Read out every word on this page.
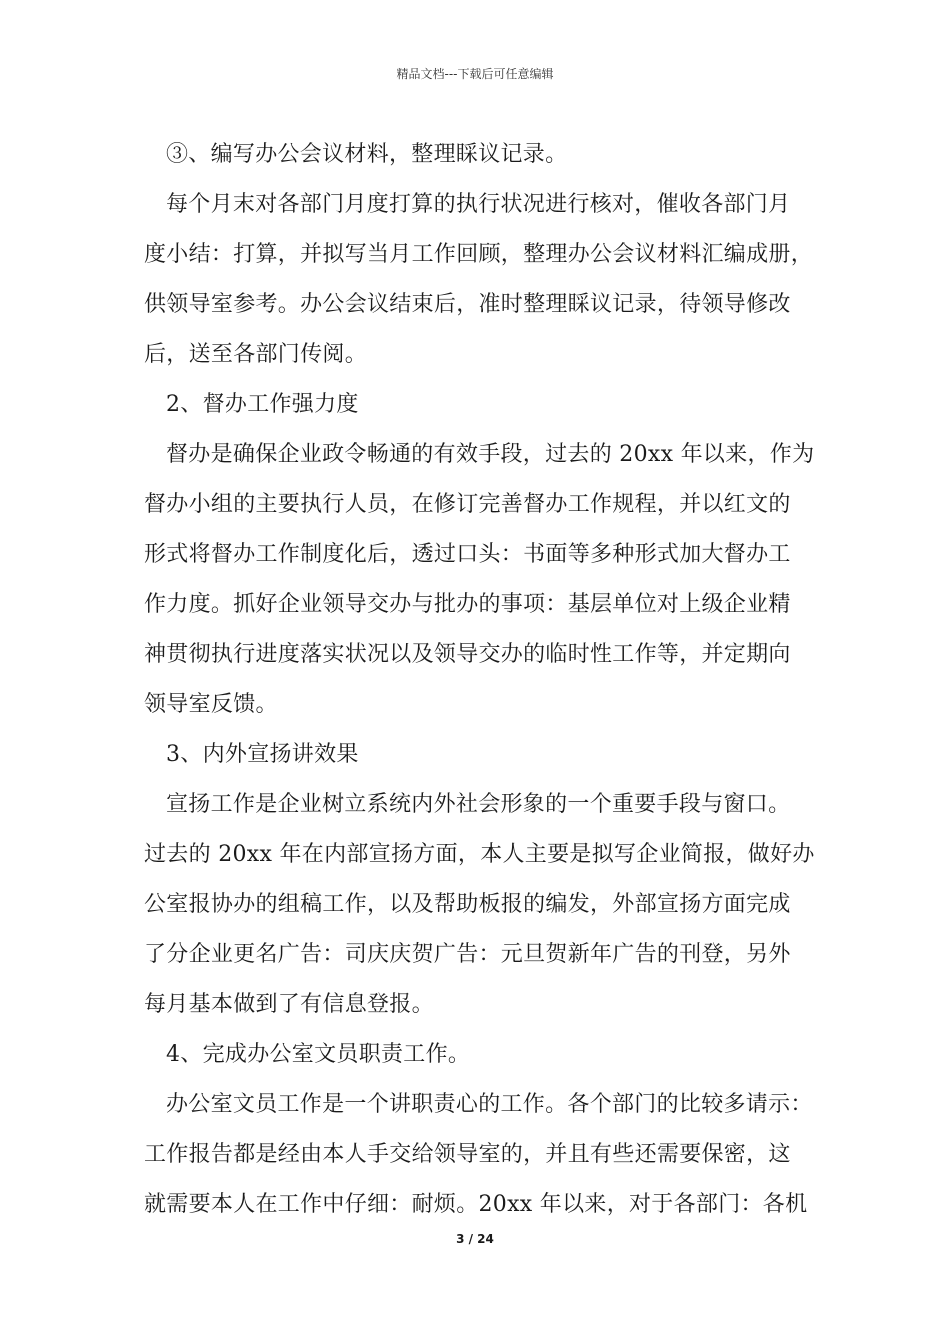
精品文档---下载后可任意编辑
③、编写办公会议材料，整理睬议记录。
每个月末对各部门月度打算的执行状况进行核对，催收各部门月
度小结：打算，并拟写当月工作回顾，整理办公会议材料汇编成册，
供领导室参考。办公会议结束后，准时整理睬议记录，待领导修改
后，送至各部门传阅。
2、督办工作强力度
督办是确保企业政令畅通的有效手段，过去的 20xx 年以来，作为
督办小组的主要执行人员，在修订完善督办工作规程，并以红文的
形式将督办工作制度化后，透过口头：书面等多种形式加大督办工
作力度。抓好企业领导交办与批办的事项：基层单位对上级企业精
神贯彻执行进度落实状况以及领导交办的临时性工作等，并定期向
领导室反馈。
3、内外宣扬讲效果
宣扬工作是企业树立系统内外社会形象的一个重要手段与窗口。
过去的 20xx 年在内部宣扬方面，本人主要是拟写企业简报，做好办
公室报协办的组稿工作，以及帮助板报的编发，外部宣扬方面完成
了分企业更名广告：司庆庆贺广告：元旦贺新年广告的刊登，另外
每月基本做到了有信息登报。
4、完成办公室文员职责工作。
办公室文员工作是一个讲职责心的工作。各个部门的比较多请示：
工作报告都是经由本人手交给领导室的，并且有些还需要保密，这
就需要本人在工作中仔细：耐烦。20xx 年以来，对于各部门：各机
3 / 24
